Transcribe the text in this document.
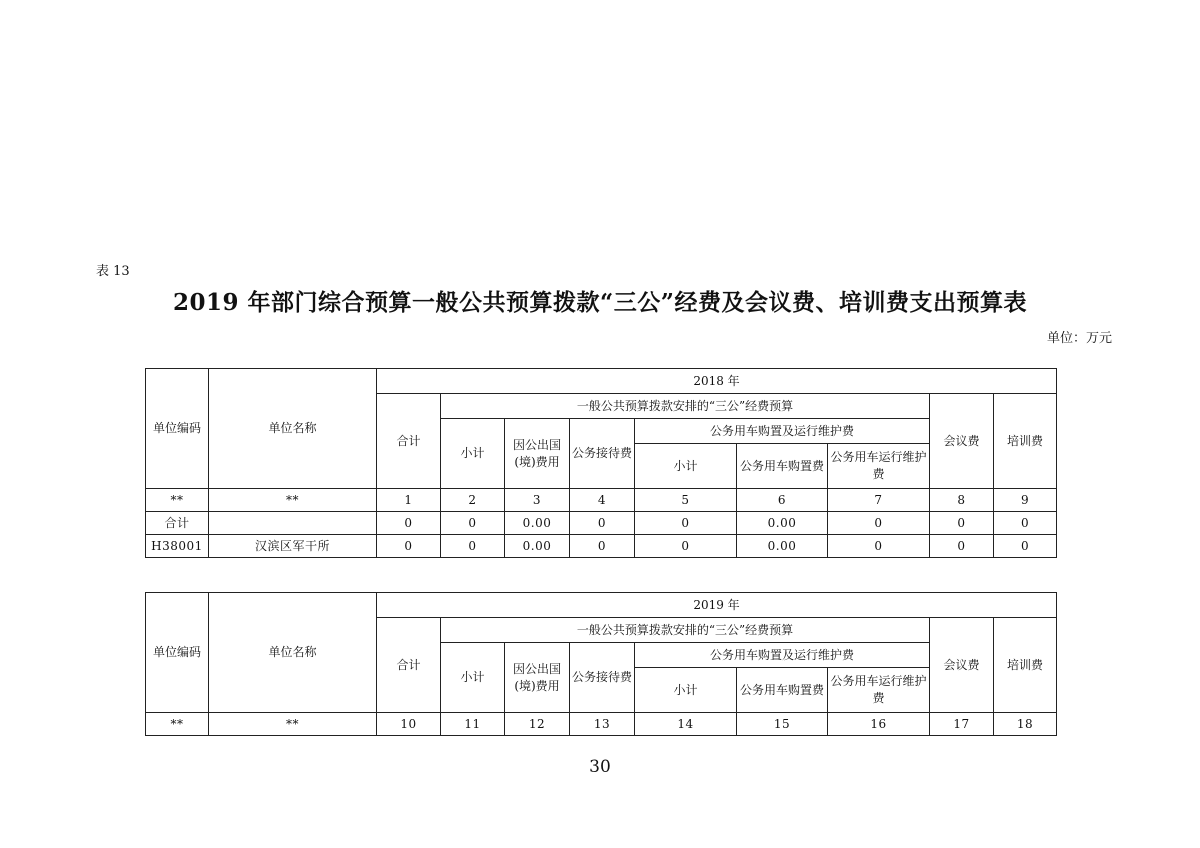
表 13
2019 年部门综合预算一般公共预算拨款“三公”经费及会议费、培训费支出预算表
单位：万元
单位编码	单位名称	2018 年								
		合计	一般公共预算拨款安排的“三公”经费预算						会议费	培训费
			小计	因公出国(境)费用	公务接待费	公务用车购置及运行维护费				
						小计	公务用车购置费	公务用车运行维护费		
**	**	1	2	3	4	5	6	7	8	9
合计		0	0	0.00	0	0	0.00	0	0	0
H38001	汉滨区军干所	0	0	0.00	0	0	0.00	0	0	0
单位编码	单位名称	2019 年								
		合计	一般公共预算拨款安排的“三公”经费预算						会议费	培训费
			小计	因公出国(境)费用	公务接待费	公务用车购置及运行维护费				
						小计	公务用车购置费	公务用车运行维护费		
**	**	10	11	12	13	14	15	16	17	18
30
